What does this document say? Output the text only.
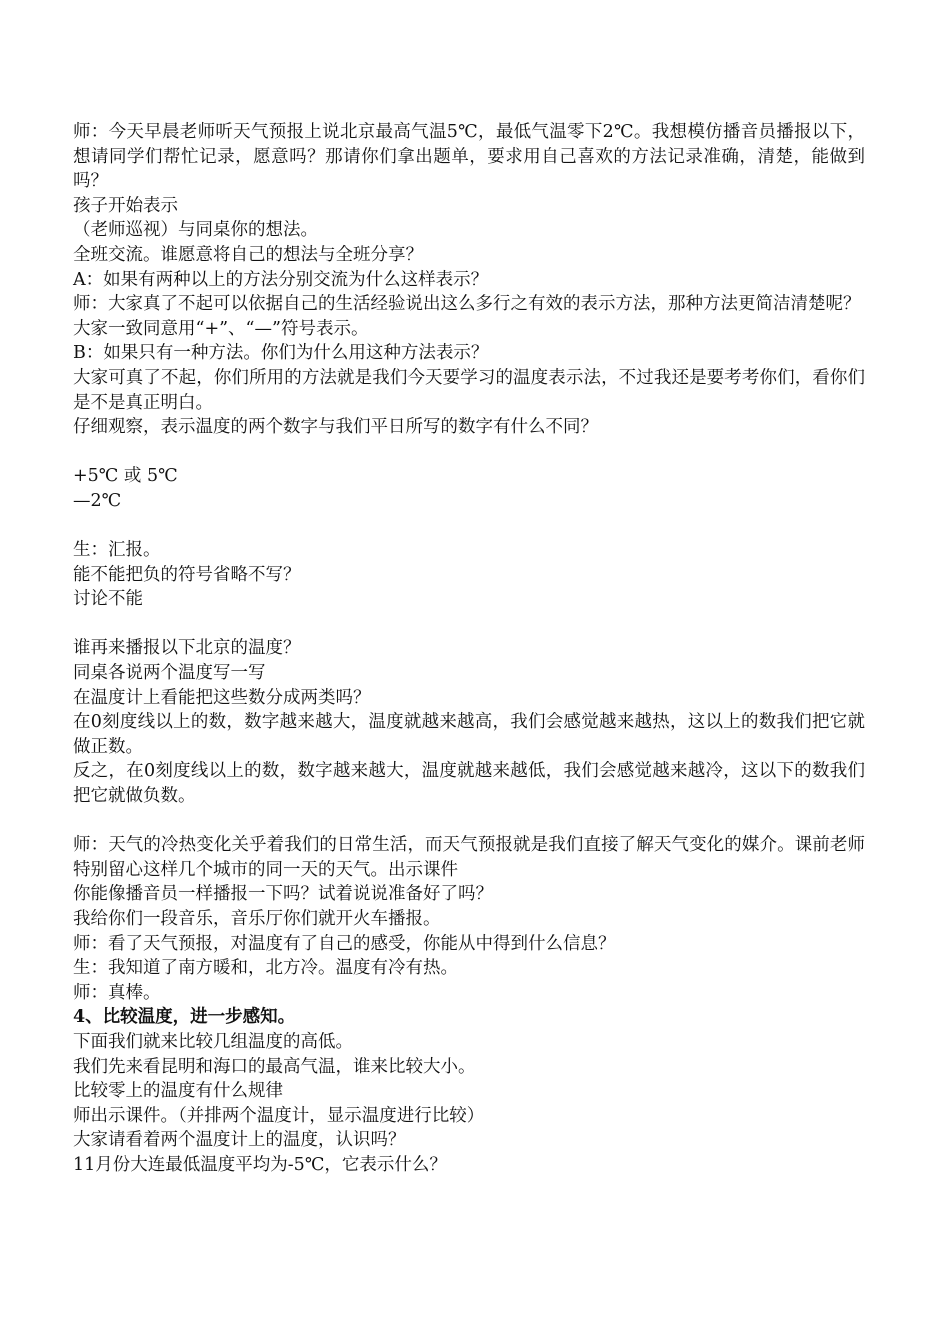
师：今天早晨老师听天气预报上说北京最高气温5℃，最低气温零下2℃。我想模仿播音员播报以下，想请同学们帮忙记录，愿意吗？那请你们拿出题单，要求用自己喜欢的方法记录准确，清楚，能做到吗？

孩子开始表示

（老师巡视）与同桌你的想法。

全班交流。谁愿意将自己的想法与全班分享？

A：如果有两种以上的方法分别交流为什么这样表示？

师：大家真了不起可以依据自己的生活经验说出这么多行之有效的表示方法，那种方法更简洁清楚呢？

大家一致同意用“+”、“—”符号表示。

B：如果只有一种方法。你们为什么用这种方法表示？

大家可真了不起，你们所用的方法就是我们今天要学习的温度表示法，不过我还是要考考你们，看你们是不是真正明白。

仔细观察，表示温度的两个数字与我们平日所写的数字有什么不同？

+5℃ 或 5℃

—2℃

生：汇报。

能不能把负的符号省略不写？

讨论不能

谁再来播报以下北京的温度？

同桌各说两个温度写一写

在温度计上看能把这些数分成两类吗？

在0刻度线以上的数，数字越来越大，温度就越来越高，我们会感觉越来越热，这以上的数我们把它就做正数。

反之，在0刻度线以上的数，数字越来越大，温度就越来越低，我们会感觉越来越冷，这以下的数我们把它就做负数。

师：天气的冷热变化关乎着我们的日常生活，而天气预报就是我们直接了解天气变化的媒介。课前老师特别留心这样几个城市的同一天的天气。出示课件

你能像播音员一样播报一下吗？试着说说准备好了吗？

我给你们一段音乐，音乐厅你们就开火车播报。

师：看了天气预报，对温度有了自己的感受，你能从中得到什么信息？

生：我知道了南方暖和，北方冷。温度有冷有热。

师：真棒。

4、比较温度，进一步感知。

下面我们就来比较几组温度的高低。

我们先来看昆明和海口的最高气温，谁来比较大小。

比较零上的温度有什么规律

师出示课件。（并排两个温度计，显示温度进行比较）

大家请看着两个温度计上的温度，认识吗？

11月份大连最低温度平均为-5℃，它表示什么？
